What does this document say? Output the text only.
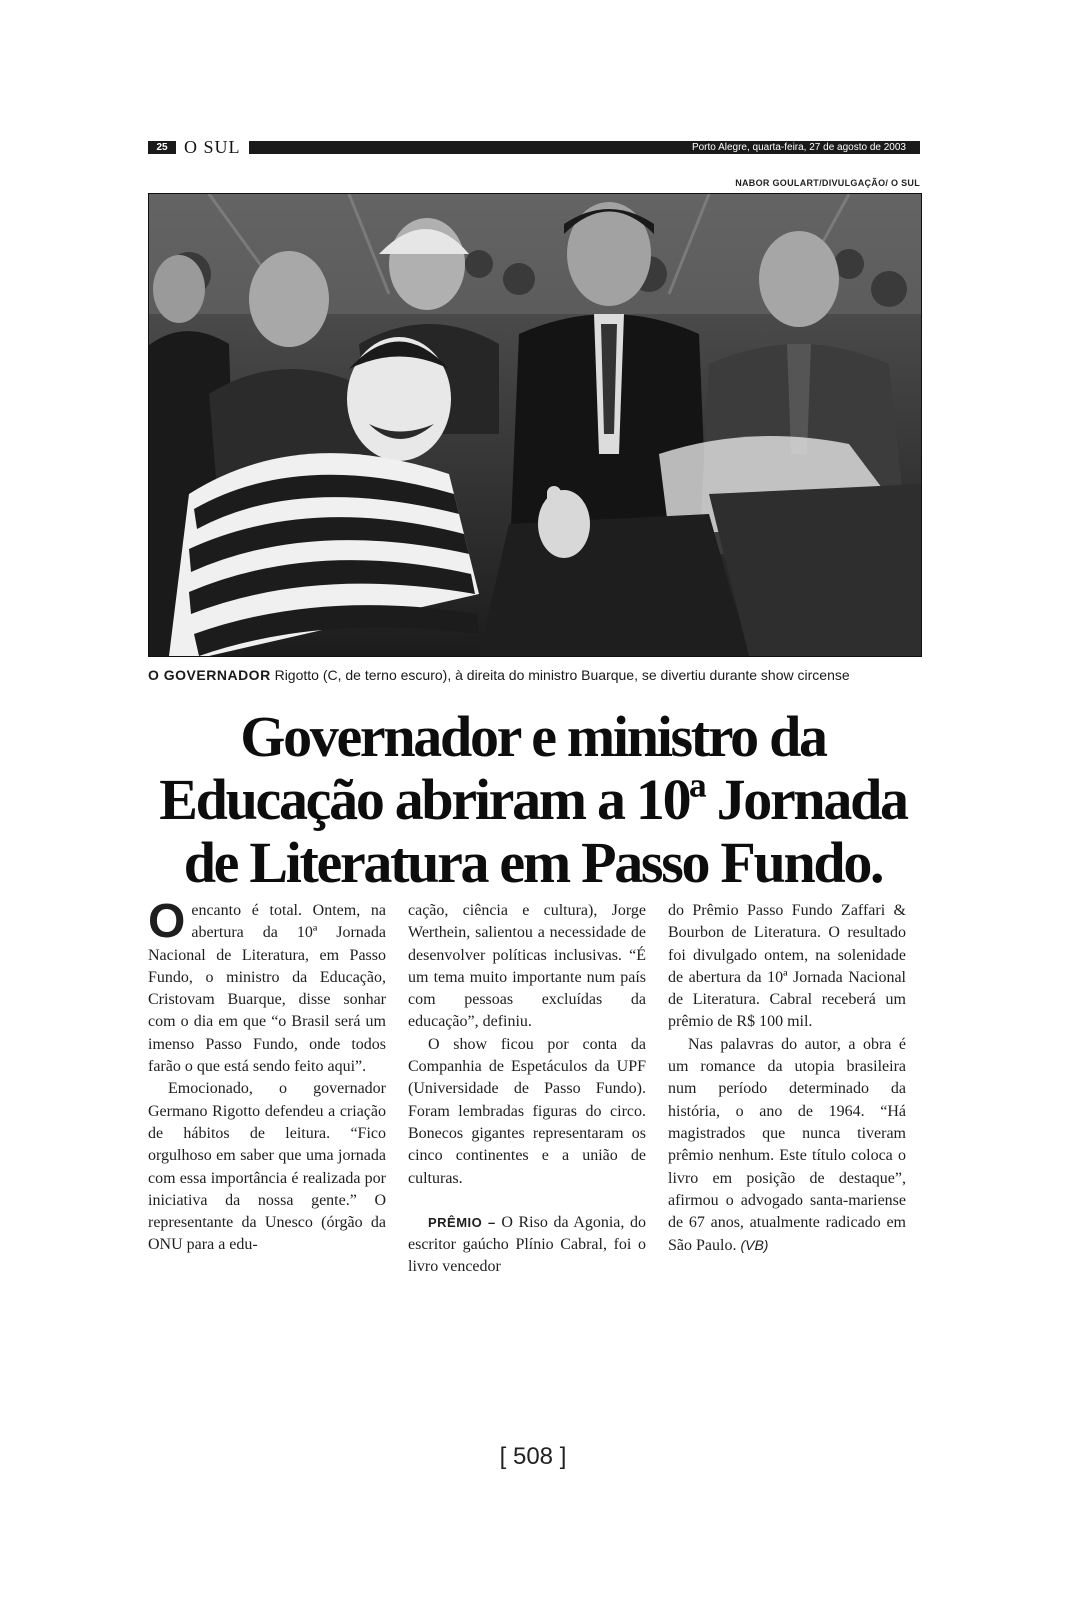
25 O SUL	Porto Alegre, quarta-feira, 27 de agosto de 2003
NABOR GOULART/DIVULGAÇÃO/ O SUL
O GOVERNADOR Rigotto (C, de terno escuro), à direita do ministro Buarque, se divertiu durante show circense
Governador e ministro da
Educação abriram a 10ª Jornada
de Literatura em Passo Fundo.

Oencanto é total. Ontem, na abertura da 10ª Jornada Nacional de Literatura, em Passo Fundo, o ministro da Educação, Cristovam Buarque, disse sonhar com o dia em que “o Brasil será um imenso Passo Fundo, onde todos farão o que está sendo feito aqui”.

Emocionado, o governador Germano Rigotto defendeu a criação de hábitos de leitura. “Fico orgulhoso em saber que uma jornada com essa importância é realizada por iniciativa da nossa gente.” O representante da Unesco (órgão da ONU para a edu-

cação, ciência e cultura), Jorge Werthein, salientou a necessidade de desenvolver políticas inclusivas. “É um tema muito importante num país com pessoas excluídas da educação”, definiu.

O show ficou por conta da Companhia de Espetáculos da UPF (Universidade de Passo Fundo). Foram lembradas figuras do circo. Bonecos gigantes representaram os cinco continentes e a união de culturas.

PRÊMIO – O Riso da Agonia, do escritor gaúcho Plínio Cabral, foi o livro vencedor

do Prêmio Passo Fundo Zaffari & Bourbon de Literatura. O resultado foi divulgado ontem, na solenidade de abertura da 10ª Jornada Nacional de Literatura. Cabral receberá um prêmio de R$ 100 mil.

Nas palavras do autor, a obra é um romance da utopia brasileira num período determinado da história, o ano de 1964. “Há magistrados que nunca tiveram prêmio nenhum. Este título coloca o livro em posição de destaque”, afirmou o advogado santa-mariense de 67 anos, atualmente radicado em São Paulo. (VB)

[ 508 ]
